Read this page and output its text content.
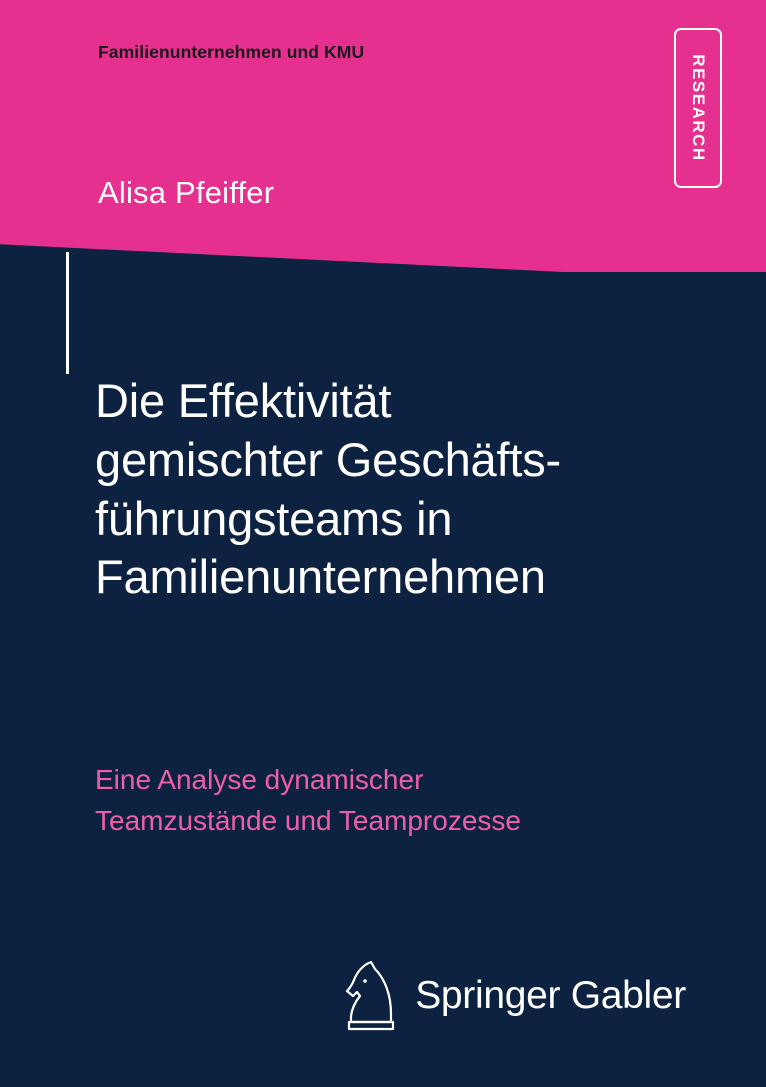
Familienunternehmen und KMU
RESEARCH
Alisa Pfeiffer
Die Effektivität
gemischter Geschäfts-
führungsteams in
Familienunternehmen
Eine Analyse dynamischer
Teamzustände und Teamprozesse
Springer Gabler
